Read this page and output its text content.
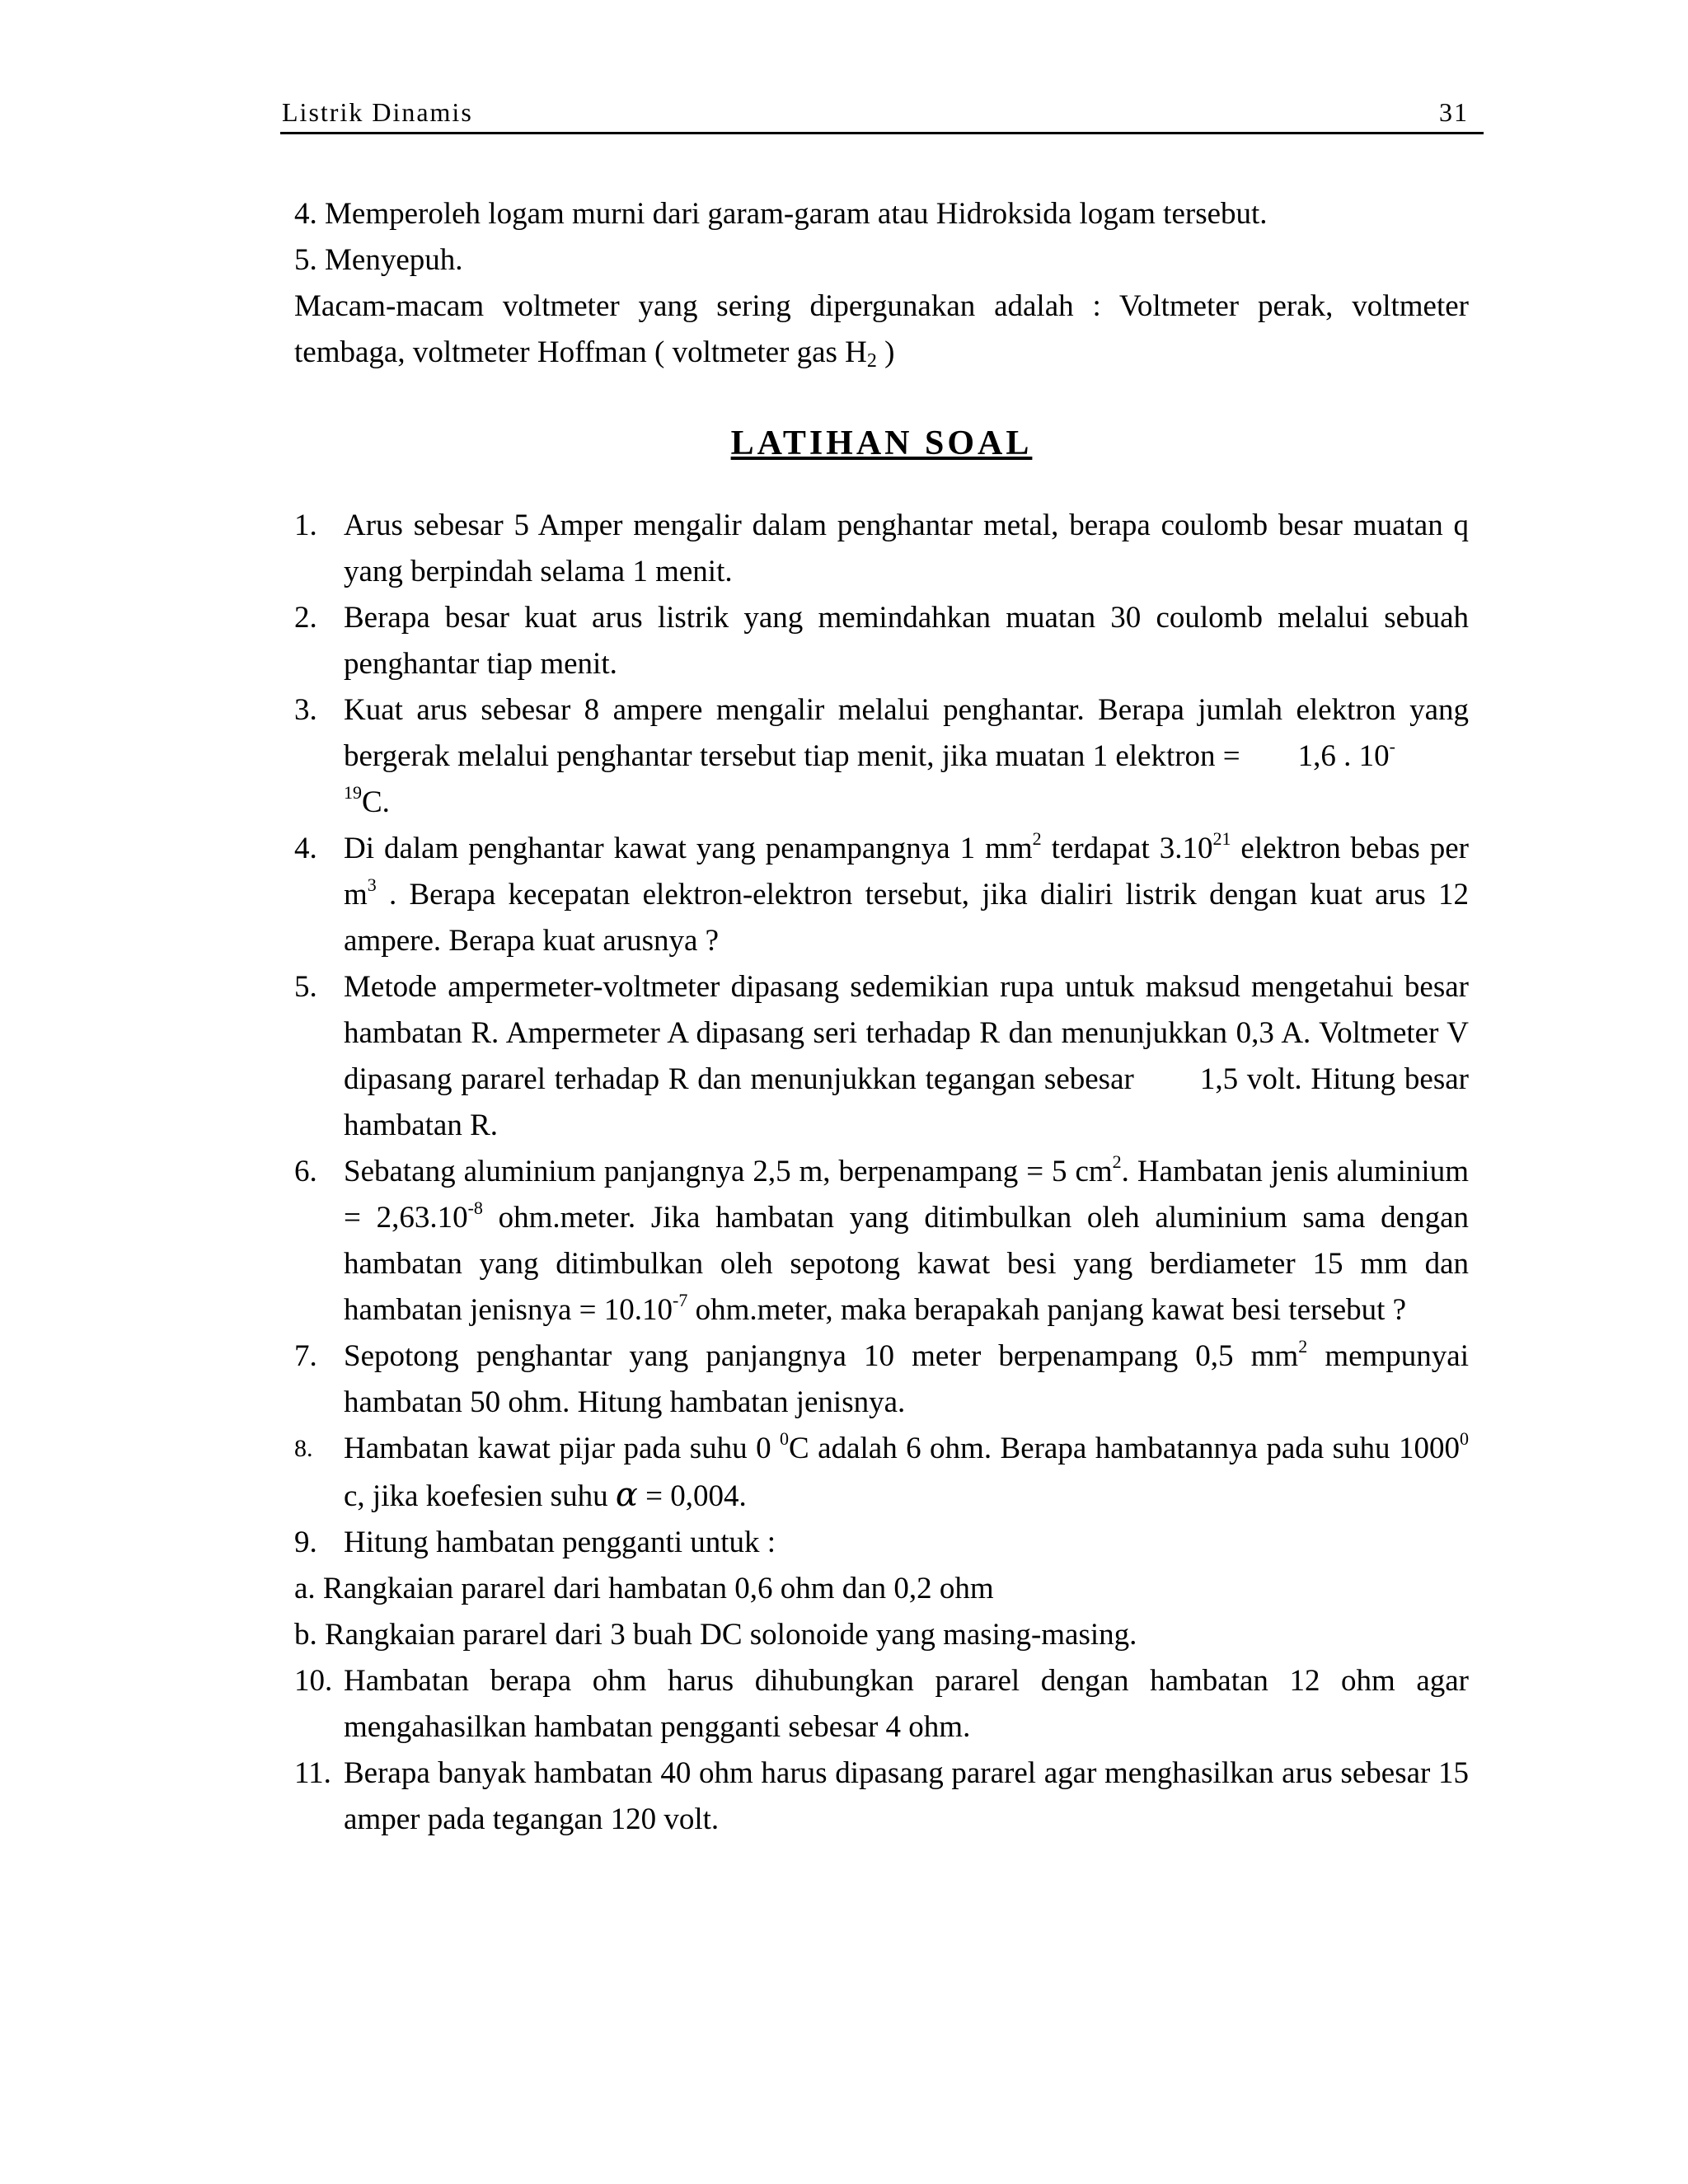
Listrik Dinamis	31

4. Memperoleh logam murni dari garam-garam atau Hidroksida logam tersebut.

5. Menyepuh.

Macam-macam voltmeter yang sering dipergunakan adalah : Voltmeter perak, voltmeter tembaga, voltmeter Hoffman ( voltmeter gas $H_2$ )

LATIHAN SOAL
1. Arus sebesar 5 Amper mengalir dalam penghantar metal, berapa coulomb besar muatan q yang berpindah selama 1 menit.
2. Berapa besar kuat arus listrik yang memindahkan muatan 30 coulomb melalui sebuah penghantar tiap menit.
3. Kuat arus sebesar 8 ampere mengalir melalui penghantar. Berapa jumlah elektron yang bergerak melalui penghantar tersebut tiap menit, jika muatan 1 elektron = 1,6 . 10-
$^{19}$C.
4. Di dalam penghantar kawat yang penampangnya 1 $mm^2$ terdapat 3.10$^{21}$ elektron bebas per $m^3$ . Berapa kecepatan elektron-elektron tersebut, jika dialiri listrik dengan kuat arus 12 ampere. Berapa kuat arusnya ?
5. Metode ampermeter-voltmeter dipasang sedemikian rupa untuk maksud mengetahui besar hambatan R. Ampermeter A dipasang seri terhadap R dan menunjukkan 0,3 A. Voltmeter V dipasang pararel terhadap R dan menunjukkan tegangan sebesar 1,5 volt. Hitung besar hambatan R.
6. Sebatang aluminium panjangnya 2,5 m, berpenampang = 5 $cm^2$. Hambatan jenis aluminium = $2,63.10^{-8}$ ohm.meter. Jika hambatan yang ditimbulkan oleh aluminium sama dengan hambatan yang ditimbulkan oleh sepotong kawat besi yang berdiameter 15 mm dan hambatan jenisnya = $10.10^{-7}$ ohm.meter, maka berapakah panjang kawat besi tersebut ?
7. Sepotong penghantar yang panjangnya 10 meter berpenampang 0,5 $mm^2$ mempunyai hambatan 50 ohm. Hitung hambatan jenisnya.
8.	Hambatan kawat pijar pada suhu 0 $^0$C adalah 6 ohm. Berapa hambatannya pada suhu 1000$^0$ c, jika koefesien suhu α = 0,004.
9. Hitung hambatan pengganti untuk :

a. Rangkaian pararel dari hambatan 0,6 ohm dan 0,2 ohm

b. Rangkaian pararel dari 3 buah DC solonoide yang masing-masing.

10. Hambatan berapa ohm harus dihubungkan pararel dengan hambatan 12 ohm agar mengahasilkan hambatan pengganti sebesar 4 ohm.
11. Berapa banyak hambatan 40 ohm harus dipasang pararel agar menghasilkan arus sebesar 15 amper pada tegangan 120 volt.
